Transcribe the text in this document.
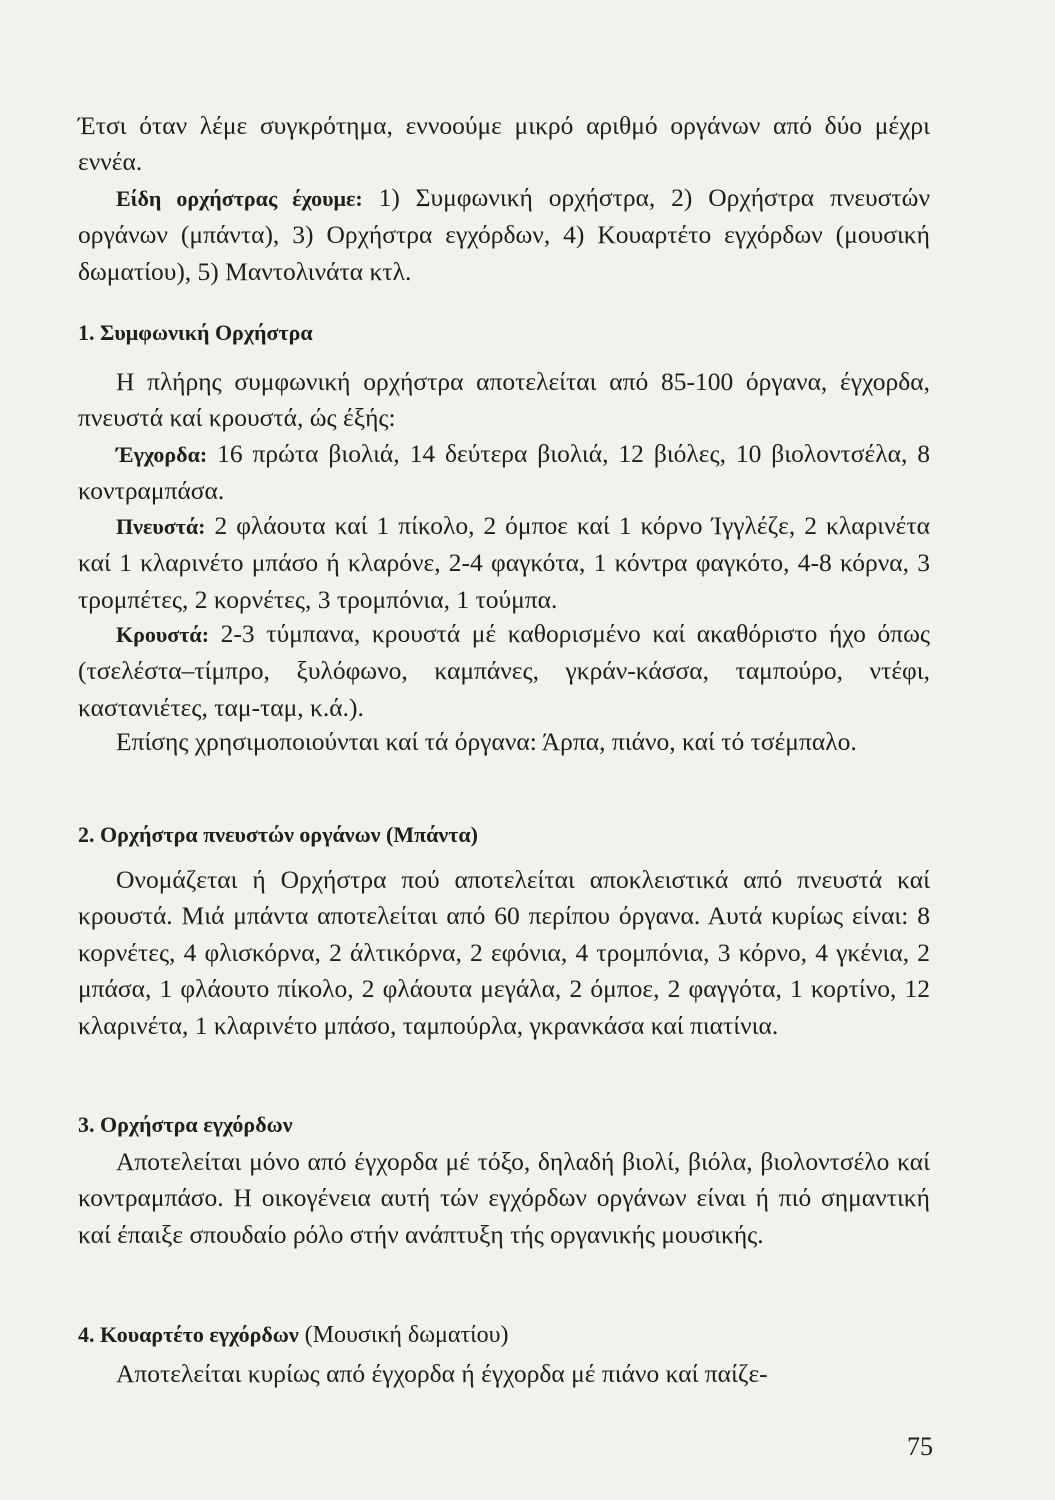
Έτσι όταν λέμε συγκρότημα, εννοούμε μικρό αριθμό οργάνων από δύο μέχρι εννέα.

Είδη ορχήστρας έχουμε: 1) Συμφωνική ορχήστρα, 2) Ορχήστρα πνευστών οργάνων (μπάντα), 3) Ορχήστρα εγχόρδων, 4) Κουαρτέτο εγχόρδων (μουσική δωματίου), 5) Μαντολινάτα κτλ.

1. Συμφωνική Ορχήστρα

Η πλήρης συμφωνική ορχήστρα αποτελείται από 85-100 όργανα, έγχορδα, πνευστά καί κρουστά, ώς έξής:

Έγχορδα: 16 πρώτα βιολιά, 14 δεύτερα βιολιά, 12 βιόλες, 10 βιολοντσέλα, 8 κοντραμπάσα.

Πνευστά: 2 φλάουτα καί 1 πίκολο, 2 όμποε καί 1 κόρνο Ίγγλέζε, 2 κλαρινέτα καί 1 κλαρινέτο μπάσο ή κλαρόνε, 2-4 φαγκότα, 1 κόντρα φαγκότο, 4-8 κόρνα, 3 τρομπέτες, 2 κορνέτες, 3 τρομπόνια, 1 τούμπα.

Κρουστά: 2-3 τύμπανα, κρουστά μέ καθορισμένο καί ακαθόριστο ήχο όπως (τσελέστα–τίμπρο, ξυλόφωνο, καμπάνες, γκράν-κάσσα, ταμπούρο, ντέφι, καστανιέτες, ταμ-ταμ, κ.ά.).

Επίσης χρησιμοποιούνται καί τά όργανα: Άρπα, πιάνο, καί τό τσέμπαλο.

2. Ορχήστρα πνευστών οργάνων (Μπάντα)

Ονομάζεται ή Ορχήστρα πού αποτελείται αποκλειστικά από πνευστά καί κρουστά. Μιά μπάντα αποτελείται από 60 περίπου όργανα. Αυτά κυρίως είναι: 8 κορνέτες, 4 φλισκόρνα, 2 άλτικόρνα, 2 εφόνια, 4 τρομπόνια, 3 κόρνο, 4 γκένια, 2 μπάσα, 1 φλάουτο πίκολο, 2 φλάουτα μεγάλα, 2 όμποε, 2 φαγγότα, 1 κορτίνο, 12 κλαρινέτα, 1 κλαρινέτο μπάσο, ταμπούρλα, γκρανκάσα καί πιατίνια.

3. Ορχήστρα εγχόρδων

Αποτελείται μόνο από έγχορδα μέ τόξο, δηλαδή βιολί, βιόλα, βιολοντσέλο καί κοντραμπάσο. Η οικογένεια αυτή τών εγχόρδων οργάνων είναι ή πιό σημαντική καί έπαιξε σπουδαίο ρόλο στήν ανάπτυξη τής οργανικής μουσικής.

4. Κουαρτέτο εγχόρδων (Μουσική δωματίου)

Αποτελείται κυρίως από έγχορδα ή έγχορδα μέ πιάνο καί παίζε-

75
